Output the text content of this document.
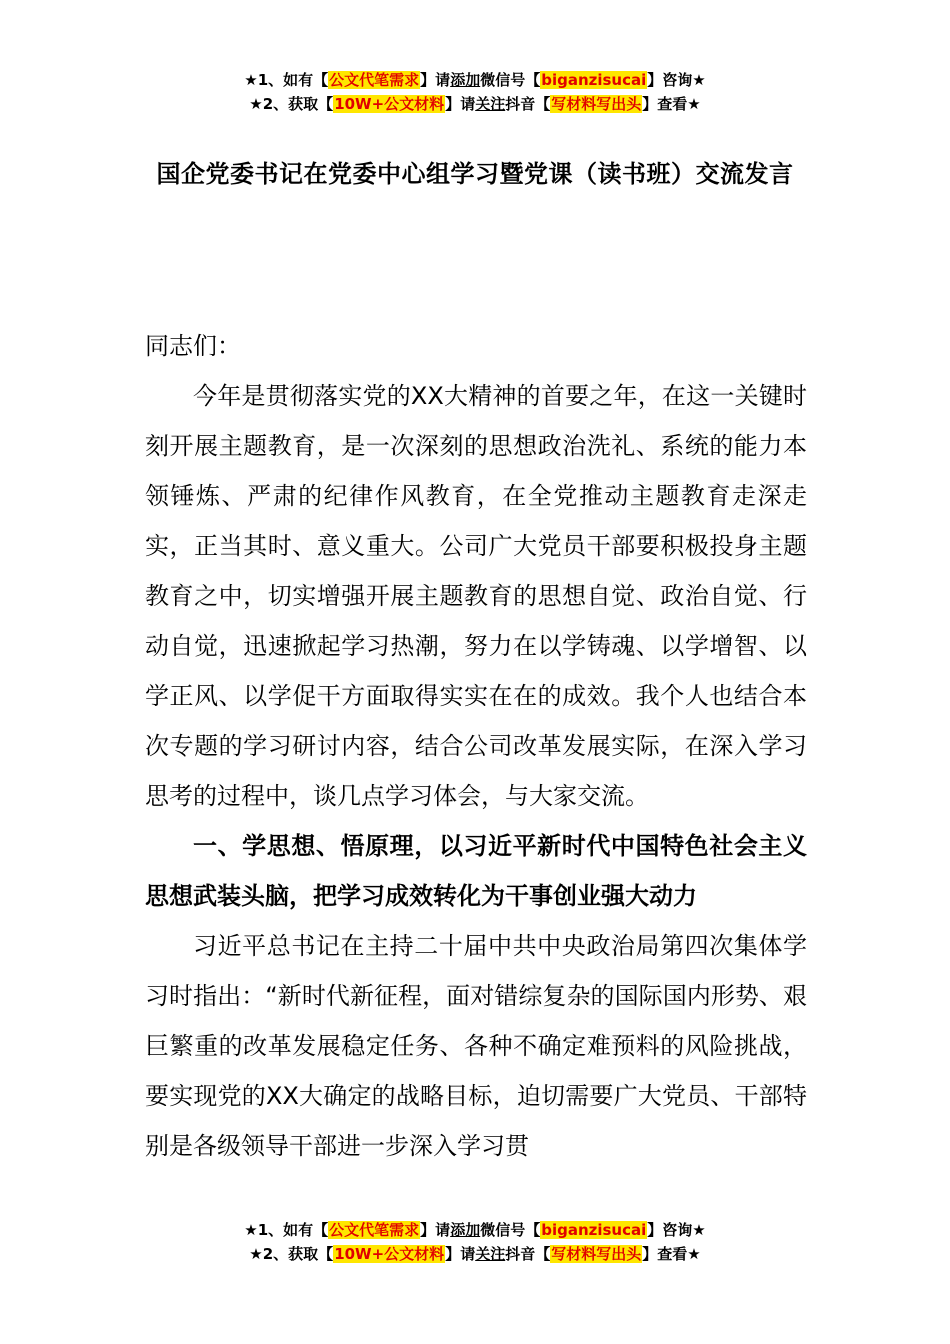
★1、如有【公文代笔需求】请添加微信号【biganzisucai】咨询★
★2、获取【10W+公文材料】请关注抖音【写材料写出头】查看★
国企党委书记在党委中心组学习暨党课（读书班）交流发言

同志们：

今年是贯彻落实党的XX大精神的首要之年，在这一关键时刻开展主题教育，是一次深刻的思想政治洗礼、系统的能力本领锤炼、严肃的纪律作风教育，在全党推动主题教育走深走实，正当其时、意义重大。公司广大党员干部要积极投身主题教育之中，切实增强开展主题教育的思想自觉、政治自觉、行动自觉，迅速掀起学习热潮，努力在以学铸魂、以学增智、以学正风、以学促干方面取得实实在在的成效。我个人也结合本次专题的学习研讨内容，结合公司改革发展实际，在深入学习思考的过程中，谈几点学习体会，与大家交流。

一、学思想、悟原理，以习近平新时代中国特色社会主义思想武装头脑，把学习成效转化为干事创业强大动力

习近平总书记在主持二十届中共中央政治局第四次集体学习时指出：“新时代新征程，面对错综复杂的国际国内形势、艰巨繁重的改革发展稳定任务、各种不确定难预料的风险挑战，要实现党的XX大确定的战略目标，迫切需要广大党员、干部特别是各级领导干部进一步深入学习贯

★1、如有【公文代笔需求】请添加微信号【biganzisucai】咨询★
★2、获取【10W+公文材料】请关注抖音【写材料写出头】查看★
